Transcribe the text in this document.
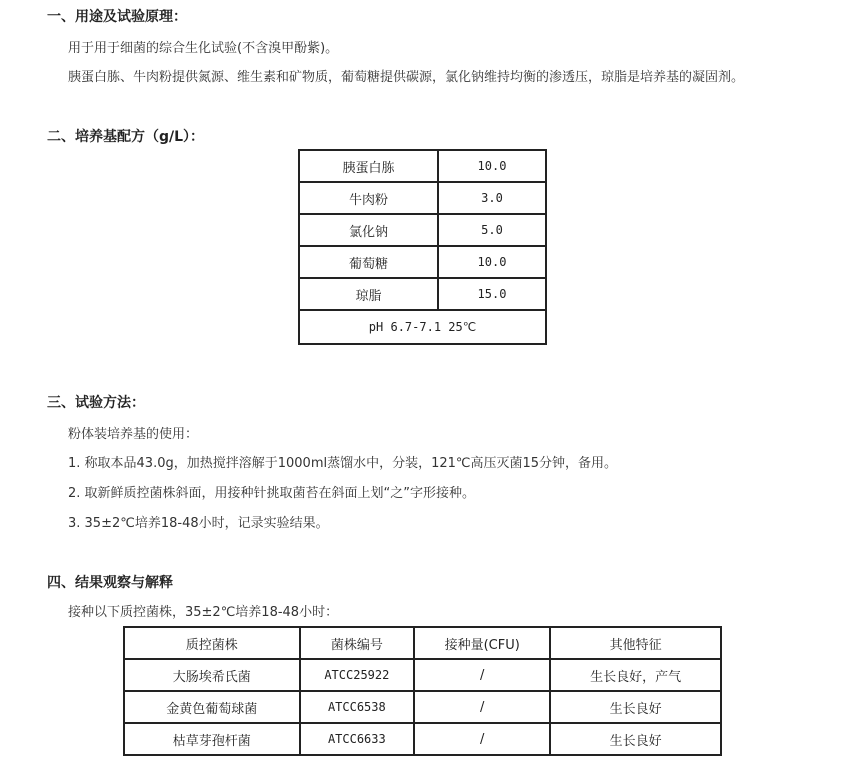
一、用途及试验原理：
用于用于细菌的综合生化试验(不含溴甲酚紫)。
胰蛋白胨、牛肉粉提供氮源、维生素和矿物质，葡萄糖提供碳源，氯化钠维持均衡的渗透压，琼脂是培养基的凝固剂。
二、培养基配方（g/L）：
胰蛋白胨	10.0
牛肉粉	3.0
氯化钠	5.0
葡萄糖	10.0
琼脂	15.0
pH 6.7-7.1 25℃	
三、试验方法：
粉体装培养基的使用：
1. 称取本品43.0g，加热搅拌溶解于1000ml蒸馏水中，分装，121℃高压灭菌15分钟，备用。
2. 取新鲜质控菌株斜面，用接种针挑取菌苔在斜面上划“之”字形接种。
3. 35±2℃培养18-48小时，记录实验结果。
四、结果观察与解释
接种以下质控菌株，35±2℃培养18-48小时：
质控菌株	菌株编号	接种量(CFU)	其他特征
大肠埃希氏菌	ATCC25922	/	生长良好，产气
金黄色葡萄球菌	ATCC6538	/	生长良好
枯草芽孢杆菌	ATCC6633	/	生长良好
